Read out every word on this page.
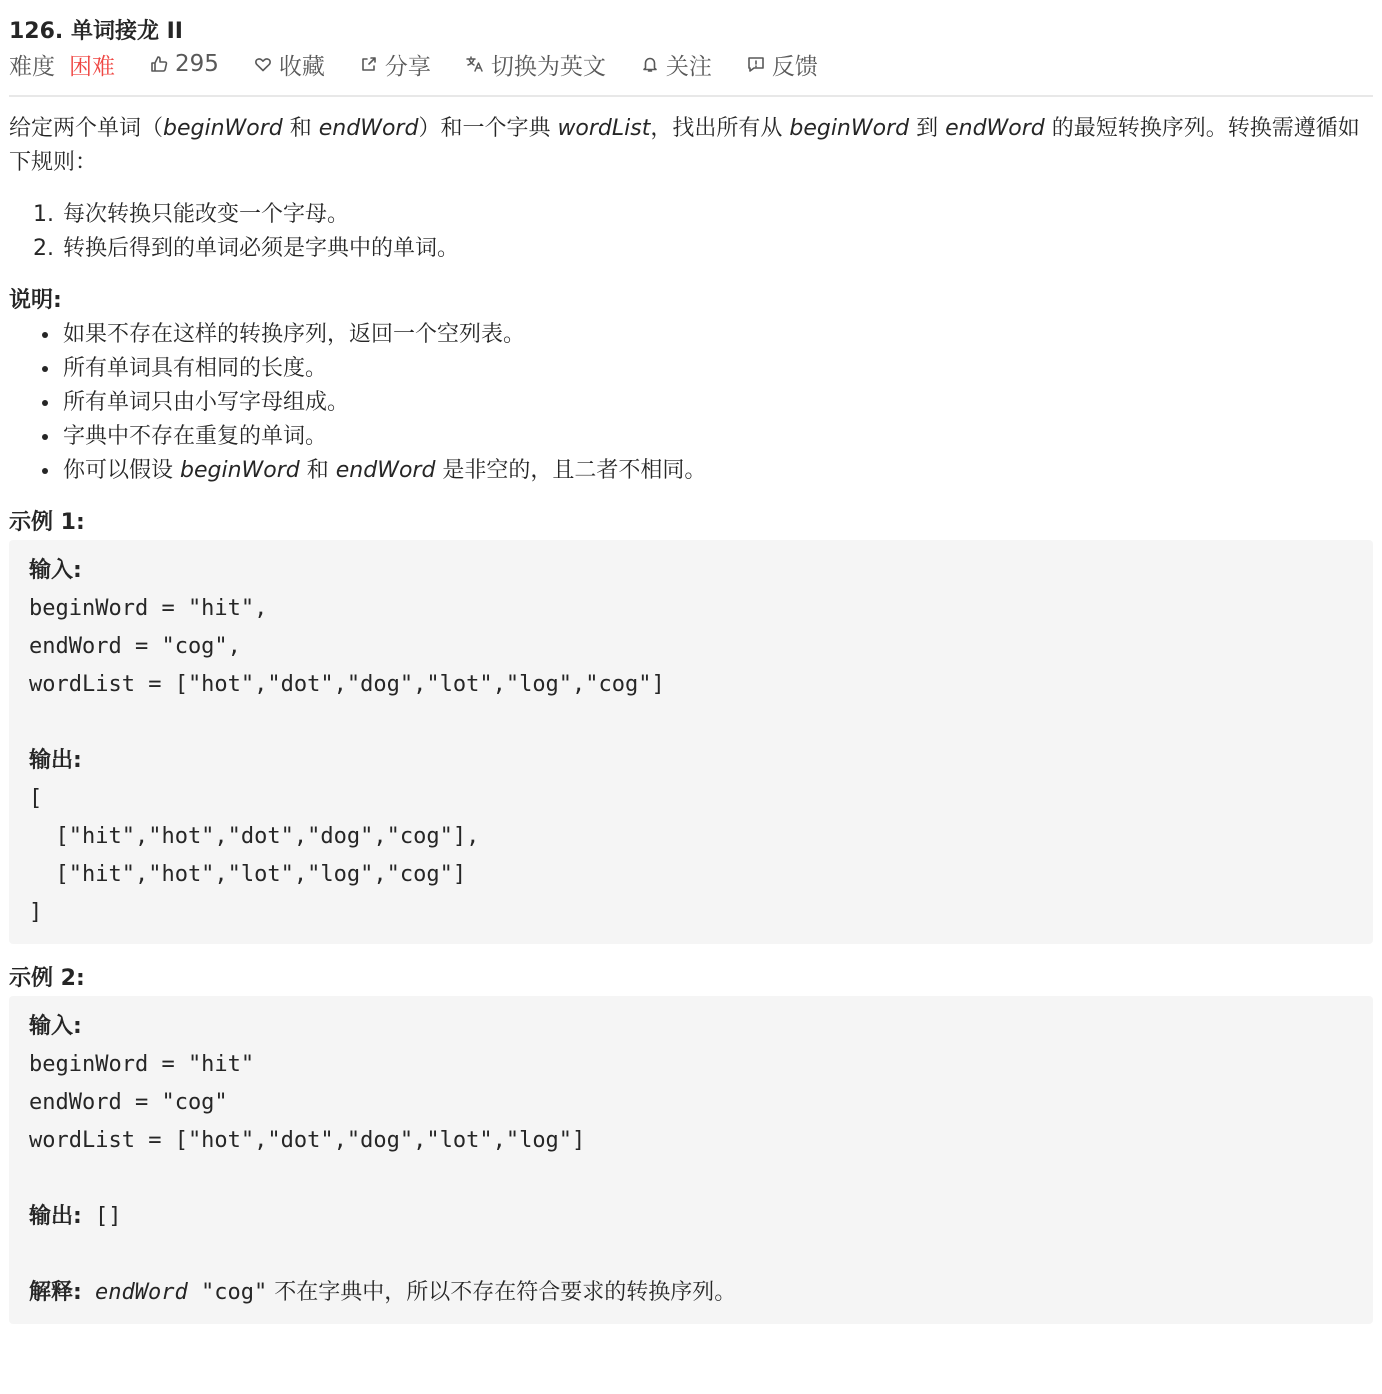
126. 单词接龙 II
难度 困难	295	收藏	分享	切换为英文	关注	反馈

给定两个单词（beginWord 和 endWord）和一个字典 wordList，找出所有从 beginWord 到 endWord 的最短转换序列。转换需遵循如下规则：

1. 每次转换只能改变一个字母。
2. 转换后得到的单词必须是字典中的单词。

说明:

• 如果不存在这样的转换序列，返回一个空列表。
• 所有单词具有相同的长度。
• 所有单词只由小写字母组成。
• 字典中不存在重复的单词。
• 你可以假设 beginWord 和 endWord 是非空的，且二者不相同。

示例 1:

输入:
beginWord = "hit",
endWord = "cog",
wordList = ["hot","dot","dog","lot","log","cog"]

输出:
[
["hit","hot","dot","dog","cog"],
["hit","hot","lot","log","cog"]
]

示例 2:

输入:
beginWord = "hit"
endWord = "cog"
wordList = ["hot","dot","dog","lot","log"]

输出: []

解释: endWord "cog" 不在字典中，所以不存在符合要求的转换序列。
